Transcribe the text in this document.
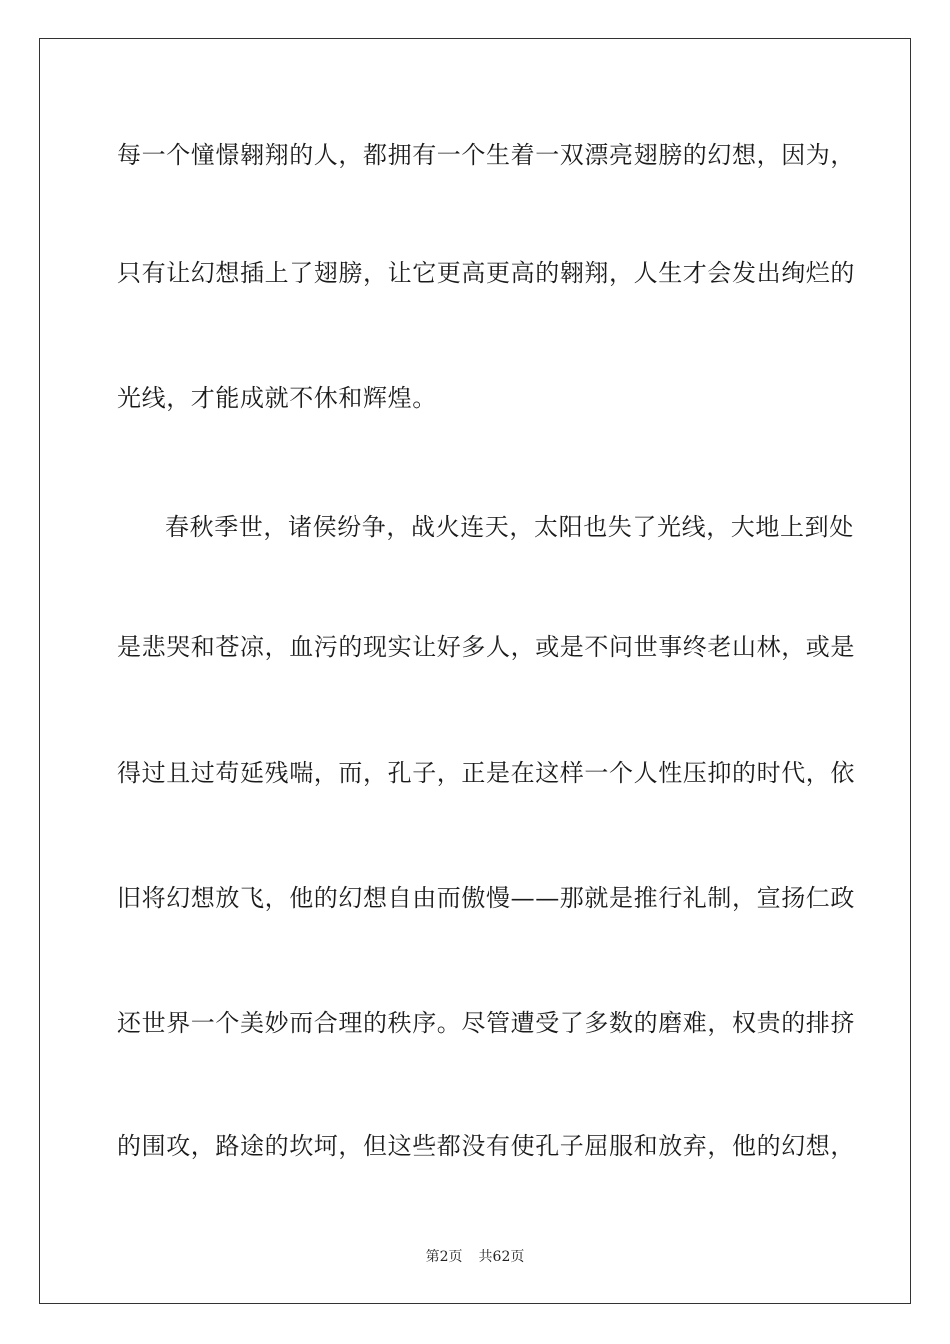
每一个憧憬翱翔的人，都拥有一个生着一双漂亮翅膀的幻想，因为，
只有让幻想插上了翅膀，让它更高更高的翱翔，人生才会发出绚烂的
光线，才能成就不休和辉煌。
春秋季世，诸侯纷争，战火连天，太阳也失了光线，大地上到处
是悲哭和苍凉，血污的现实让好多人，或是不问世事终老山林，或是
得过且过苟延残喘，而，孔子，正是在这样一个人性压抑的时代，依
旧将幻想放飞，他的幻想自由而傲慢——那就是推行礼制，宣扬仁政
还世界一个美妙而合理的秩序。尽管遭受了多数的磨难，权贵的排挤
的围攻，路途的坎坷，但这些都没有使孔子屈服和放弃，他的幻想，
第2页 共62页
